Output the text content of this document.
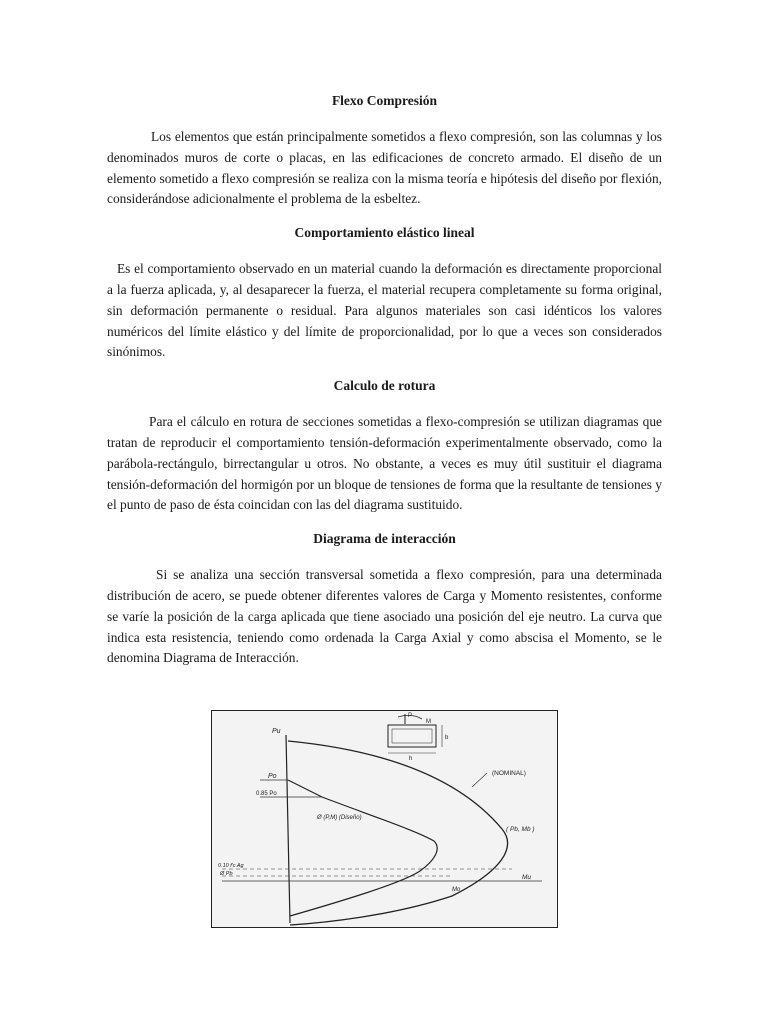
Flexo Compresión

Los elementos que están principalmente sometidos a flexo compresión, son las columnas y los denominados muros de corte o placas, en las edificaciones de concreto armado. El diseño de un elemento sometido a flexo compresión se realiza con la misma teoría e hipótesis del diseño por flexión, considerándose adicionalmente el problema de la esbeltez.

Comportamiento elástico lineal

Es el comportamiento observado en un material cuando la deformación es directamente proporcional a la fuerza aplicada, y, al desaparecer la fuerza, el material recupera completamente su forma original, sin deformación permanente o residual. Para algunos materiales son casi idénticos los valores numéricos del límite elástico y del límite de proporcionalidad, por lo que a veces son considerados sinónimos.

Calculo de rotura

Para el cálculo en rotura de secciones sometidas a flexo-compresión se utilizan diagramas que tratan de reproducir el comportamiento tensión-deformación experimentalmente observado, como la parábola-rectángulo, birrectangular u otros. No obstante, a veces es muy útil sustituir el diagrama tensión-deformación del hormigón por un bloque de tensiones de forma que la resultante de tensiones y el punto de paso de ésta coincidan con las del diagrama sustituido.

Diagrama de interacción

Si se analiza una sección transversal sometida a flexo compresión, para una determinada distribución de acero, se puede obtener diferentes valores de Carga y Momento resistentes, conforme se varíe la posición de la carga aplicada que tiene asociado una posición del eje neutro. La curva que indica esta resistencia, teniendo como ordenada la Carga Axial y como abscisa el Momento, se le denomina Diagrama de Interacción.

Pu
Po
0.85 Po
(NOMINAL)
Ø (P,M) (Diseño)
( Pb, Mb )
0.10 f'c Ag
Ø Pb	Mu
Mo
P
M
b
h
